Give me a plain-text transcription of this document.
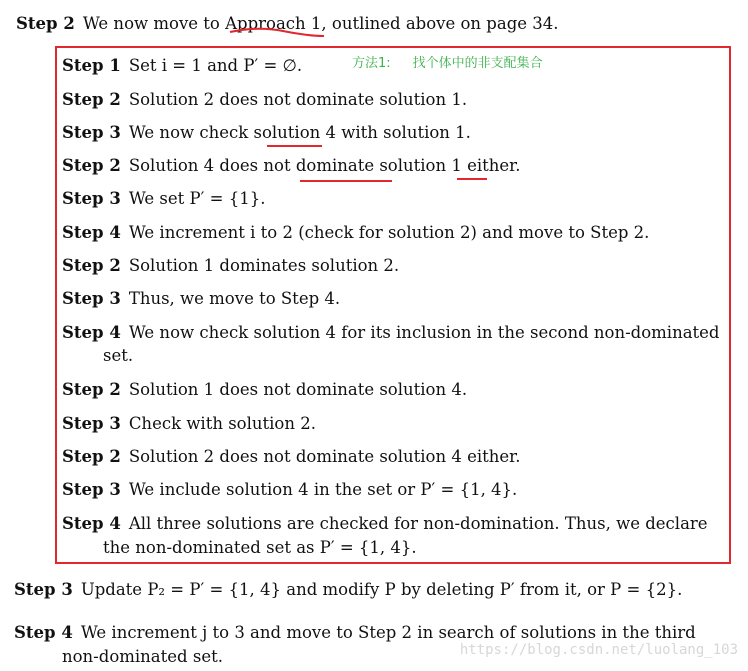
方法1: 找个体中的非支配集合
Step 2 We now move to Approach 1, outlined above on page 34.
Step 1 Set i = 1 and P′ = ∅.
Step 2 Solution 2 does not dominate solution 1.
Step 3 We now check solution 4 with solution 1.
Step 2 Solution 4 does not dominate solution 1 either.
Step 3 We set P′ = {1}.
Step 4 We increment i to 2 (check for solution 2) and move to Step 2.
Step 2 Solution 1 dominates solution 2.
Step 3 Thus, we move to Step 4.
Step 4 We now check solution 4 for its inclusion in the second non-dominated
set.
Step 2 Solution 1 does not dominate solution 4.
Step 3 Check with solution 2.
Step 2 Solution 2 does not dominate solution 4 either.
Step 3 We include solution 4 in the set or P′ = {1, 4}.
Step 4 All three solutions are checked for non-domination. Thus, we declare
the non-dominated set as P′ = {1, 4}.
Step 3 Update P₂ = P′ = {1, 4} and modify P by deleting P′ from it, or P = {2}.
Step 4 We increment j to 3 and move to Step 2 in search of solutions in the third
non-dominated set.	https://blog.csdn.net/luolang_103
